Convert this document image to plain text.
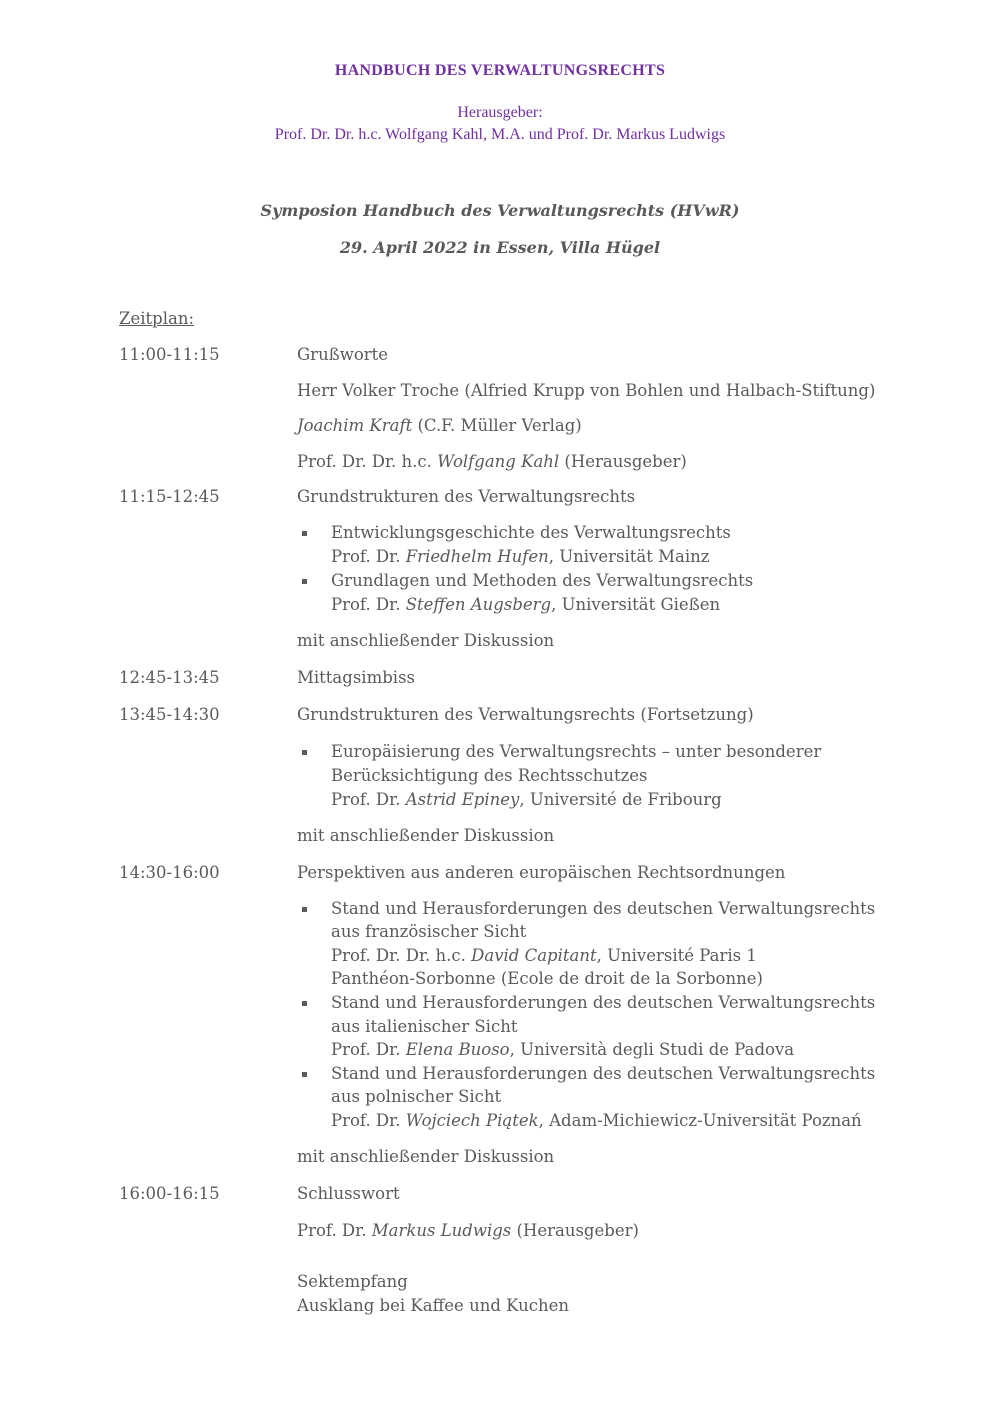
HANDBUCH DES VERWALTUNGSRECHTS
Herausgeber:
Prof. Dr. Dr. h.c. Wolfgang Kahl, M.A. und Prof. Dr. Markus Ludwigs
Symposion Handbuch des Verwaltungsrechts (HVwR)
29. April 2022 in Essen, Villa Hügel
Zeitplan:
11:00-11:15	Grußworte
Herr Volker Troche (Alfried Krupp von Bohlen und Halbach-Stiftung)
Joachim Kraft (C.F. Müller Verlag)
Prof. Dr. Dr. h.c. Wolfgang Kahl (Herausgeber)
11:15-12:45	Grundstrukturen des Verwaltungsrechts
Entwicklungsgeschichte des Verwaltungsrechts
Prof. Dr. Friedhelm Hufen, Universität Mainz
Grundlagen und Methoden des Verwaltungsrechts
Prof. Dr. Steffen Augsberg, Universität Gießen
mit anschließender Diskussion
12:45-13:45	Mittagsimbiss
13:45-14:30	Grundstrukturen des Verwaltungsrechts (Fortsetzung)
Europäisierung des Verwaltungsrechts – unter besonderer
Berücksichtigung des Rechtsschutzes
Prof. Dr. Astrid Epiney, Université de Fribourg
mit anschließender Diskussion
14:30-16:00	Perspektiven aus anderen europäischen Rechtsordnungen
Stand und Herausforderungen des deutschen Verwaltungsrechts
aus französischer Sicht
Prof. Dr. Dr. h.c. David Capitant, Université Paris 1
Panthéon-Sorbonne (Ecole de droit de la Sorbonne)
Stand und Herausforderungen des deutschen Verwaltungsrechts
aus italienischer Sicht
Prof. Dr. Elena Buoso, Università degli Studi de Padova
Stand und Herausforderungen des deutschen Verwaltungsrechts
aus polnischer Sicht
Prof. Dr. Wojciech Piątek, Adam-Michiewicz-Universität Poznań
mit anschließender Diskussion
16:00-16:15	Schlusswort
Prof. Dr. Markus Ludwigs (Herausgeber)
Sektempfang
Ausklang bei Kaffee und Kuchen
